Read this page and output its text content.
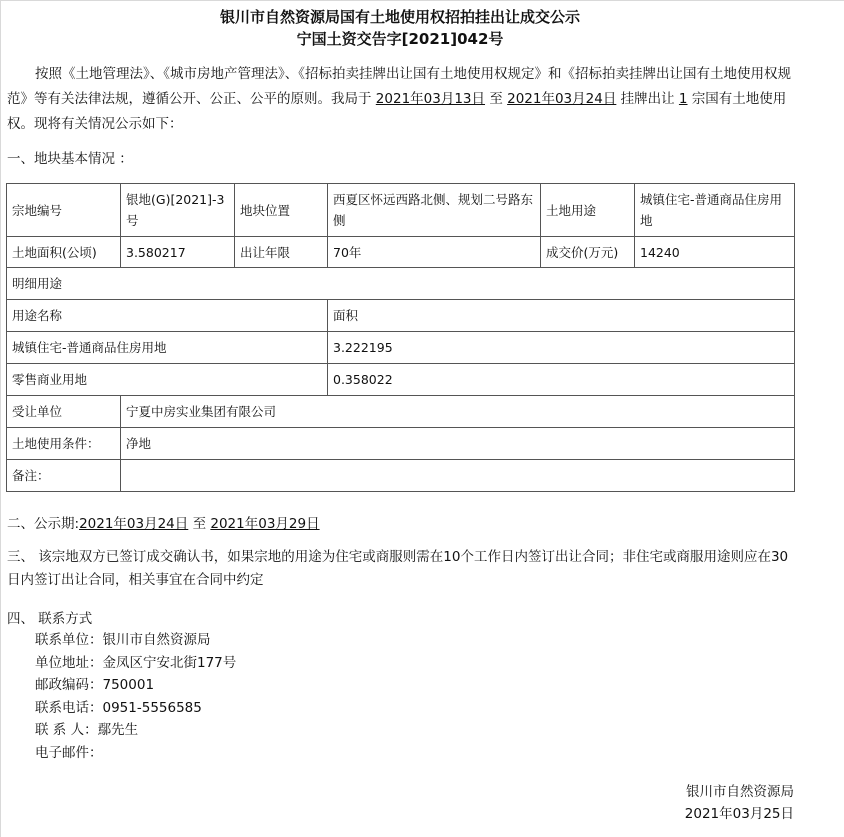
银川市自然资源局国有土地使用权招拍挂出让成交公示
宁国土资交告字[2021]042号
按照《土地管理法》、《城市房地产管理法》、《招标拍卖挂牌出让国有土地使用权规定》和《招标拍卖挂牌出让国有土地使用权规范》等有关法律法规，遵循公开、公正、公平的原则。我局于 2021年03月13日 至 2021年03月24日 挂牌出让 1 宗国有土地使用权。现将有关情况公示如下：
一、地块基本情况 ：
宗地编号	银地(G)[2021]-3号	地块位置	西夏区怀远西路北侧、规划二号路东侧	土地用途	城镇住宅-普通商品住房用地
土地面积(公顷)	3.580217	出让年限	70年	成交价(万元)	14240
明细用途					
用途名称			面积		
城镇住宅-普通商品住房用地			3.222195		
零售商业用地			0.358022		
受让单位	宁夏中房实业集团有限公司				
土地使用条件：	净地				
备注：					
二、公示期:2021年03月24日 至 2021年03月29日
三、 该宗地双方已签订成交确认书，如果宗地的用途为住宅或商服则需在10个工作日内签订出让合同；非住宅或商服用途则应在30日内签订出让合同，相关事宜在合同中约定
四、 联系方式
联系单位：银川市自然资源局
单位地址：金凤区宁安北街177号
邮政编码：750001
联系电话：0951-5556585
联 系 人：鄢先生
电子邮件：
银川市自然资源局
2021年03月25日
